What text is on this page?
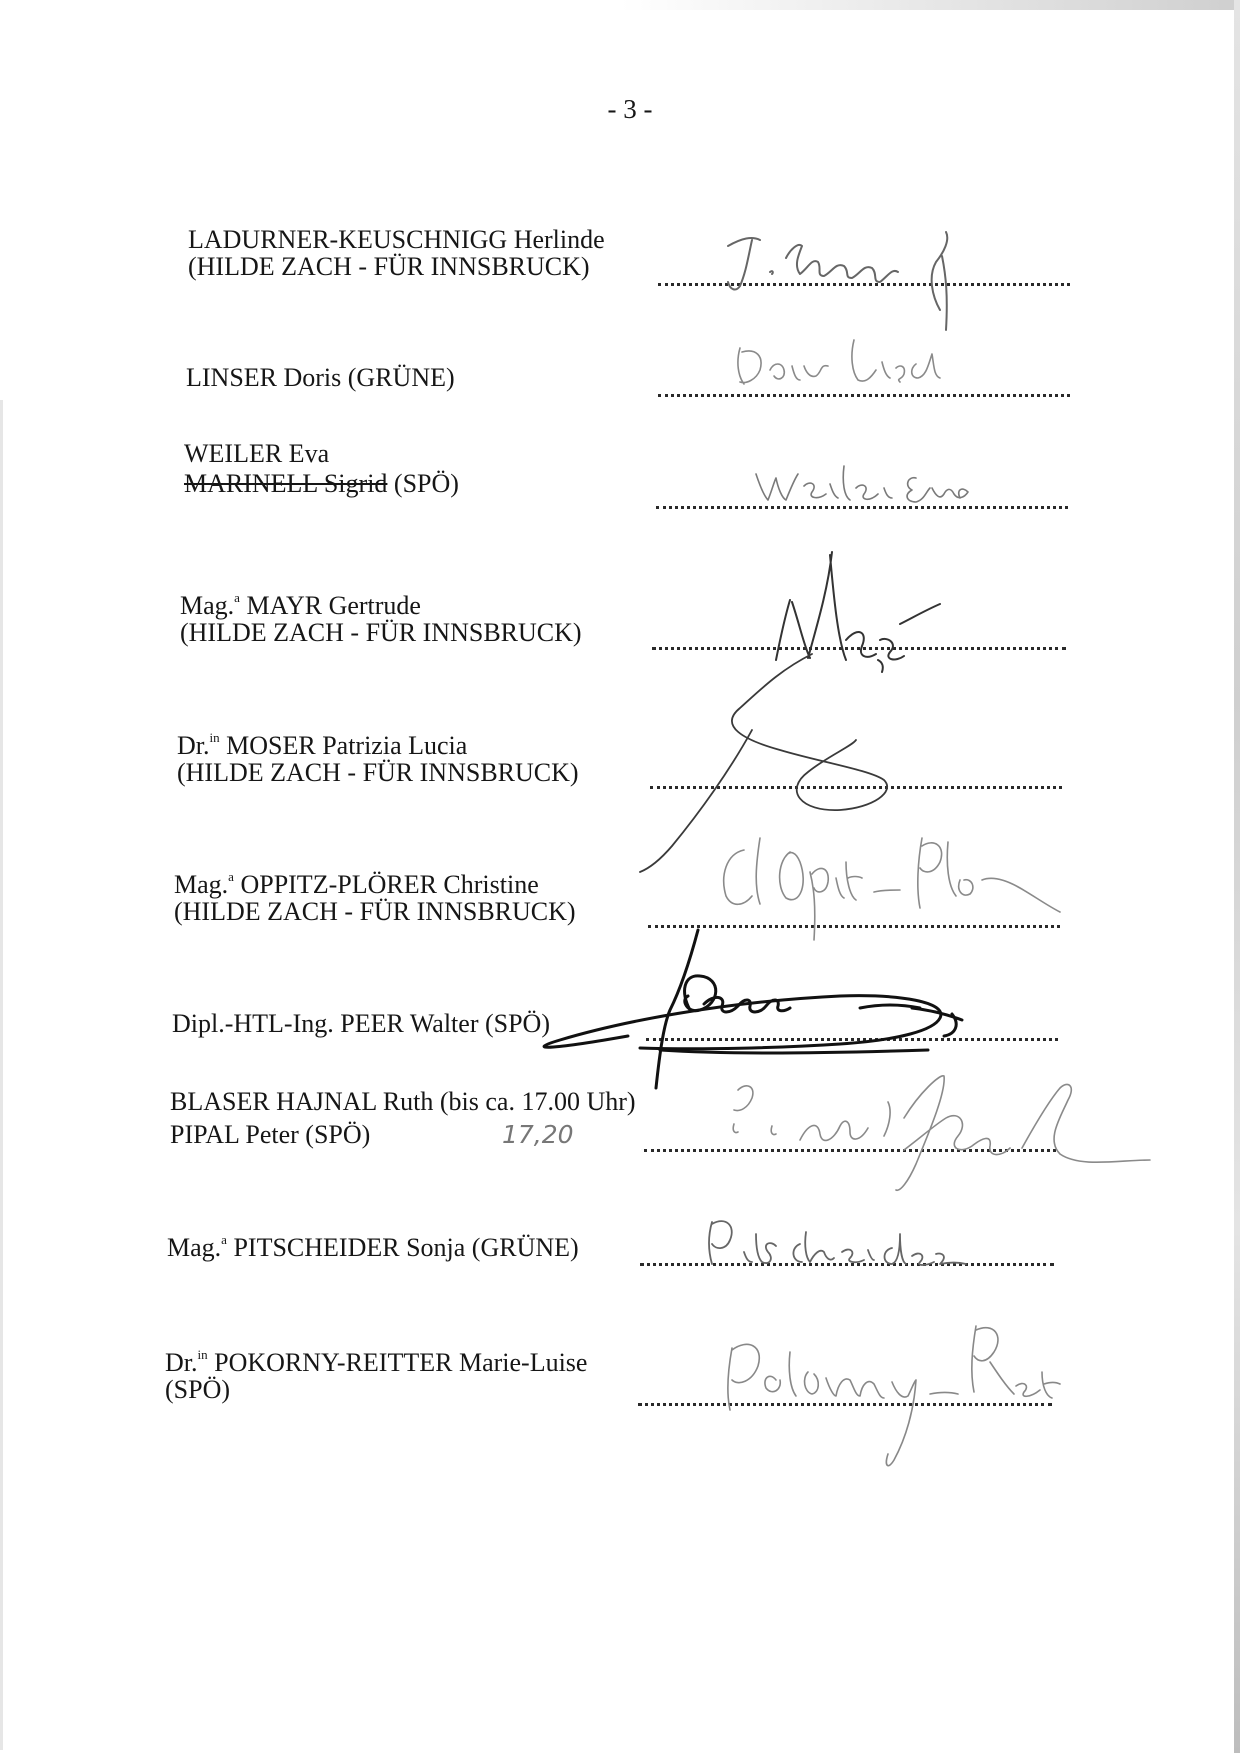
- 3 -
LADURNER-KEUSCHNIGG Herlinde
(HILDE ZACH - FÜR INNSBRUCK)
LINSER Doris (GRÜNE)
WEILER Eva
MARINELL Sigrid (SPÖ)
Mag.$^a$ MAYR Gertrude
(HILDE ZACH - FÜR INNSBRUCK)
Dr.$^{in}$ MOSER Patrizia Lucia
(HILDE ZACH - FÜR INNSBRUCK)
Mag.$^a$ OPPITZ-PLÖRER Christine
(HILDE ZACH - FÜR INNSBRUCK)
Dipl.-HTL-Ing. PEER Walter (SPÖ)
BLASER HAJNAL Ruth (bis ca. 17.00 Uhr)
PIPAL Peter (SPÖ)	17,20
Mag.$^a$ PITSCHEIDER Sonja (GRÜNE)
Dr.$^{in}$ POKORNY-REITTER Marie-Luise
(SPÖ)
